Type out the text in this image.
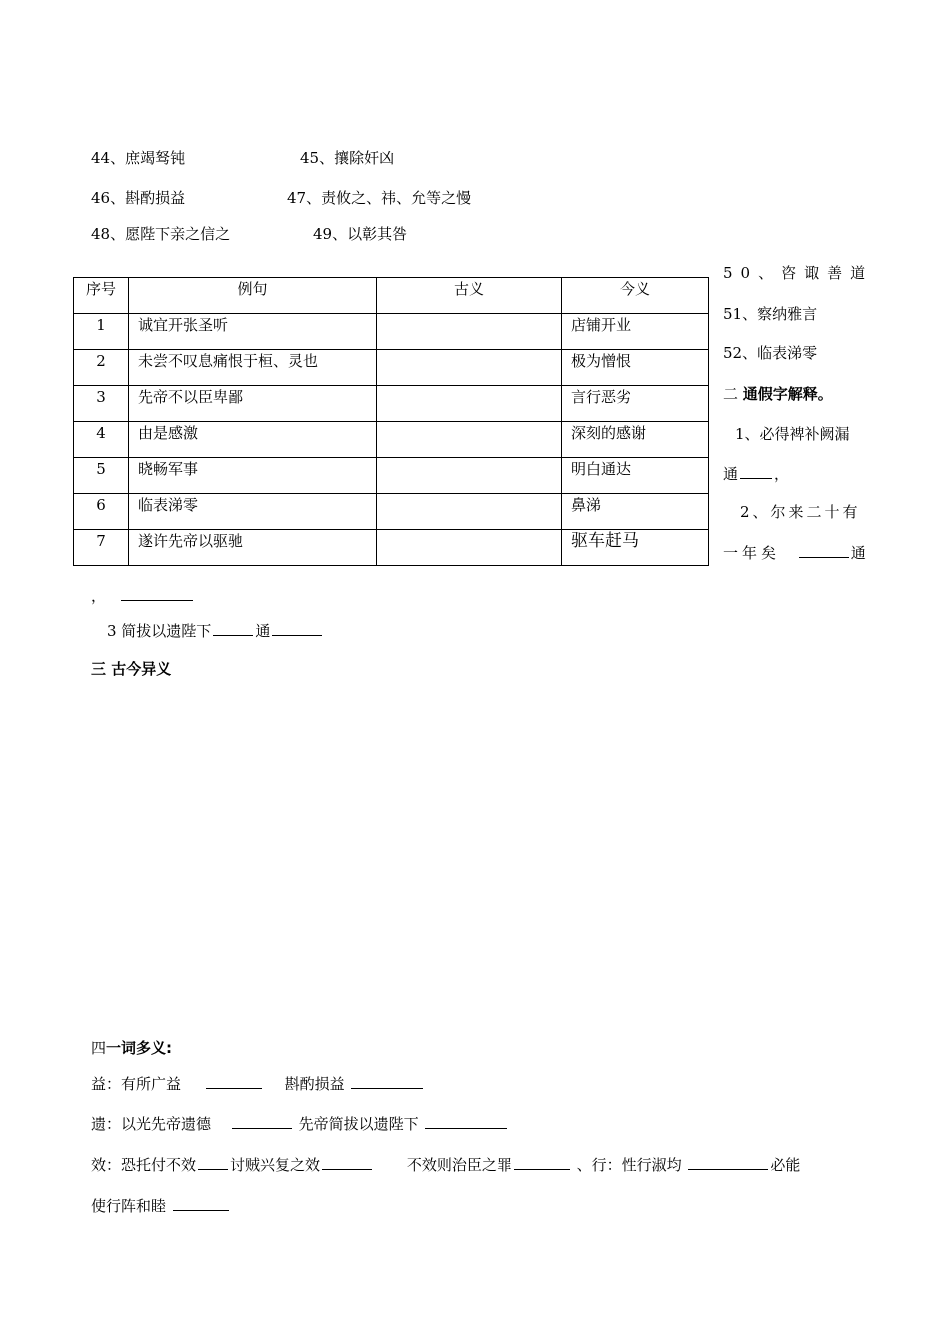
44、庶竭驽钝	45、攘除奸凶
46、斟酌损益	47、责攸之、祎、允等之慢
48、愿陛下亲之信之	49、以彰其咎
50、咨诹善道
51、察纳雅言
52、临表涕零
序号	例句	古义	今义
1	诚宜开张圣听		店铺开业
2	未尝不叹息痛恨于桓、灵也		极为憎恨
3	先帝不以臣卑鄙		言行恶劣
4	由是感激		深刻的感谢
5	晓畅军事		明白通达
6	临表涕零		鼻涕
7	遂许先帝以驱驰		驱车赶马
二 通假字解释。
1、必得裨补阙漏
通 ，
2、尔来二十有
一年矣	通
，
3 简拔以遗陛下	通
三 古今异义
四一词多义:
益：有所广益	斟酌损益
遗：以光先帝遗德	先帝简拔以遗陛下
效：恐托付不效 讨贼兴复之效	不效则治臣之罪	、行：性行淑均	必能
使行阵和睦
